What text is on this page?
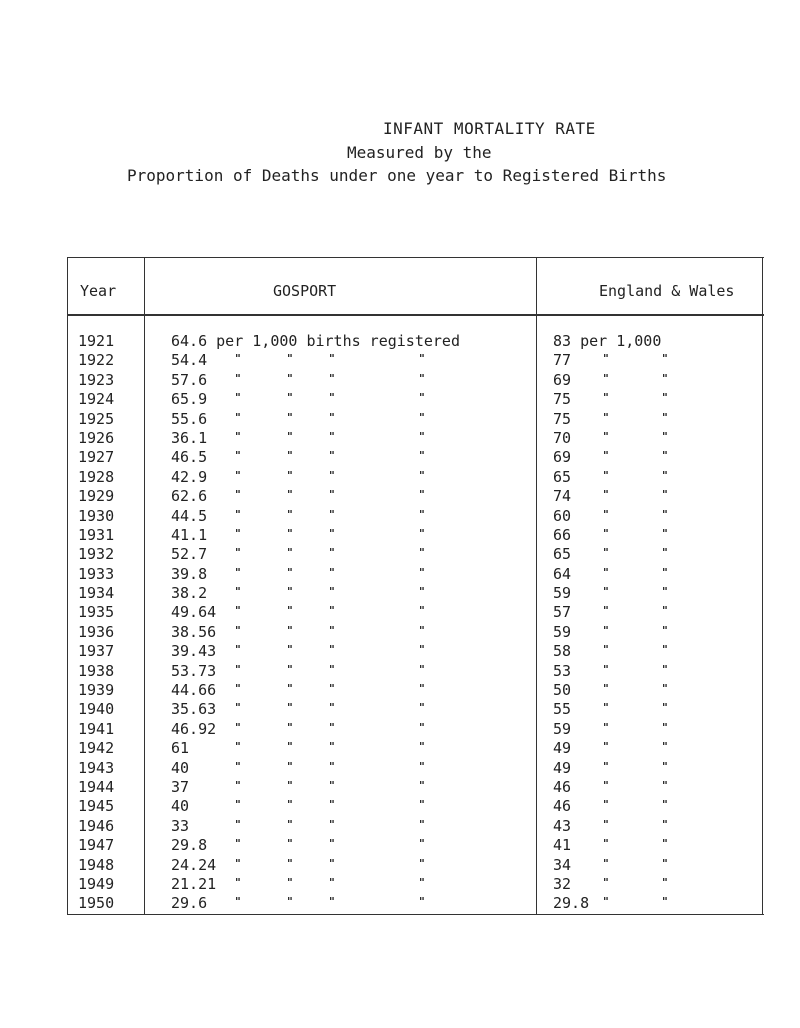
INFANT MORTALITY RATE
Measured by the
Proportion of Deaths under one year to Registered Births
Year	GOSPORT	England & Wales

1921

	64.6 per 1,000 births registered

	83 per 1,000

1922	54.4	"	"	"	"	77	"	"
1923	57.6	"	"	"	"	69	"	"
1924	65.9	"	"	"	"	75	"	"
1925	55.6	"	"	"	"	75	"	"
1926	36.1	"	"	"	"	70	"	"
1927	46.5	"	"	"	"	69	"	"
1928	42.9	"	"	"	"	65	"	"
1929	62.6	"	"	"	"	74	"	"
1930	44.5	"	"	"	"	60	"	"
1931	41.1	"	"	"	"	66	"	"
1932	52.7	"	"	"	"	65	"	"
1933	39.8	"	"	"	"	64	"	"
1934	38.2	"	"	"	"	59	"	"
1935	49.64 "	"	"	"	57	"	"
1936	38.56 "	"	"	"	59	"	"
1937	39.43 "	"	"	"	58	"	"
1938	53.73 "	"	"	"	53	"	"
1939	44.66 "	"	"	"	50	"	"
1940	35.63 "	"	"	"	55	"	"
1941	46.92 "	"	"	"	59	"	"
1942	61	"	"	"	"	49	"	"
1943	40	"	"	"	"	49	"	"
1944	37	"	"	"	"	46	"	"
1945	40	"	"	"	"	46	"	"
1946	33	"	"	"	"	43	"	"
1947	29.8	"	"	"	"	41	"	"
1948	24.24 "	"	"	"	34	"	"
1949	21.21 "	"	"	"	32	"	"
1950	29.6	"	"	"	"	29.8 "	"
